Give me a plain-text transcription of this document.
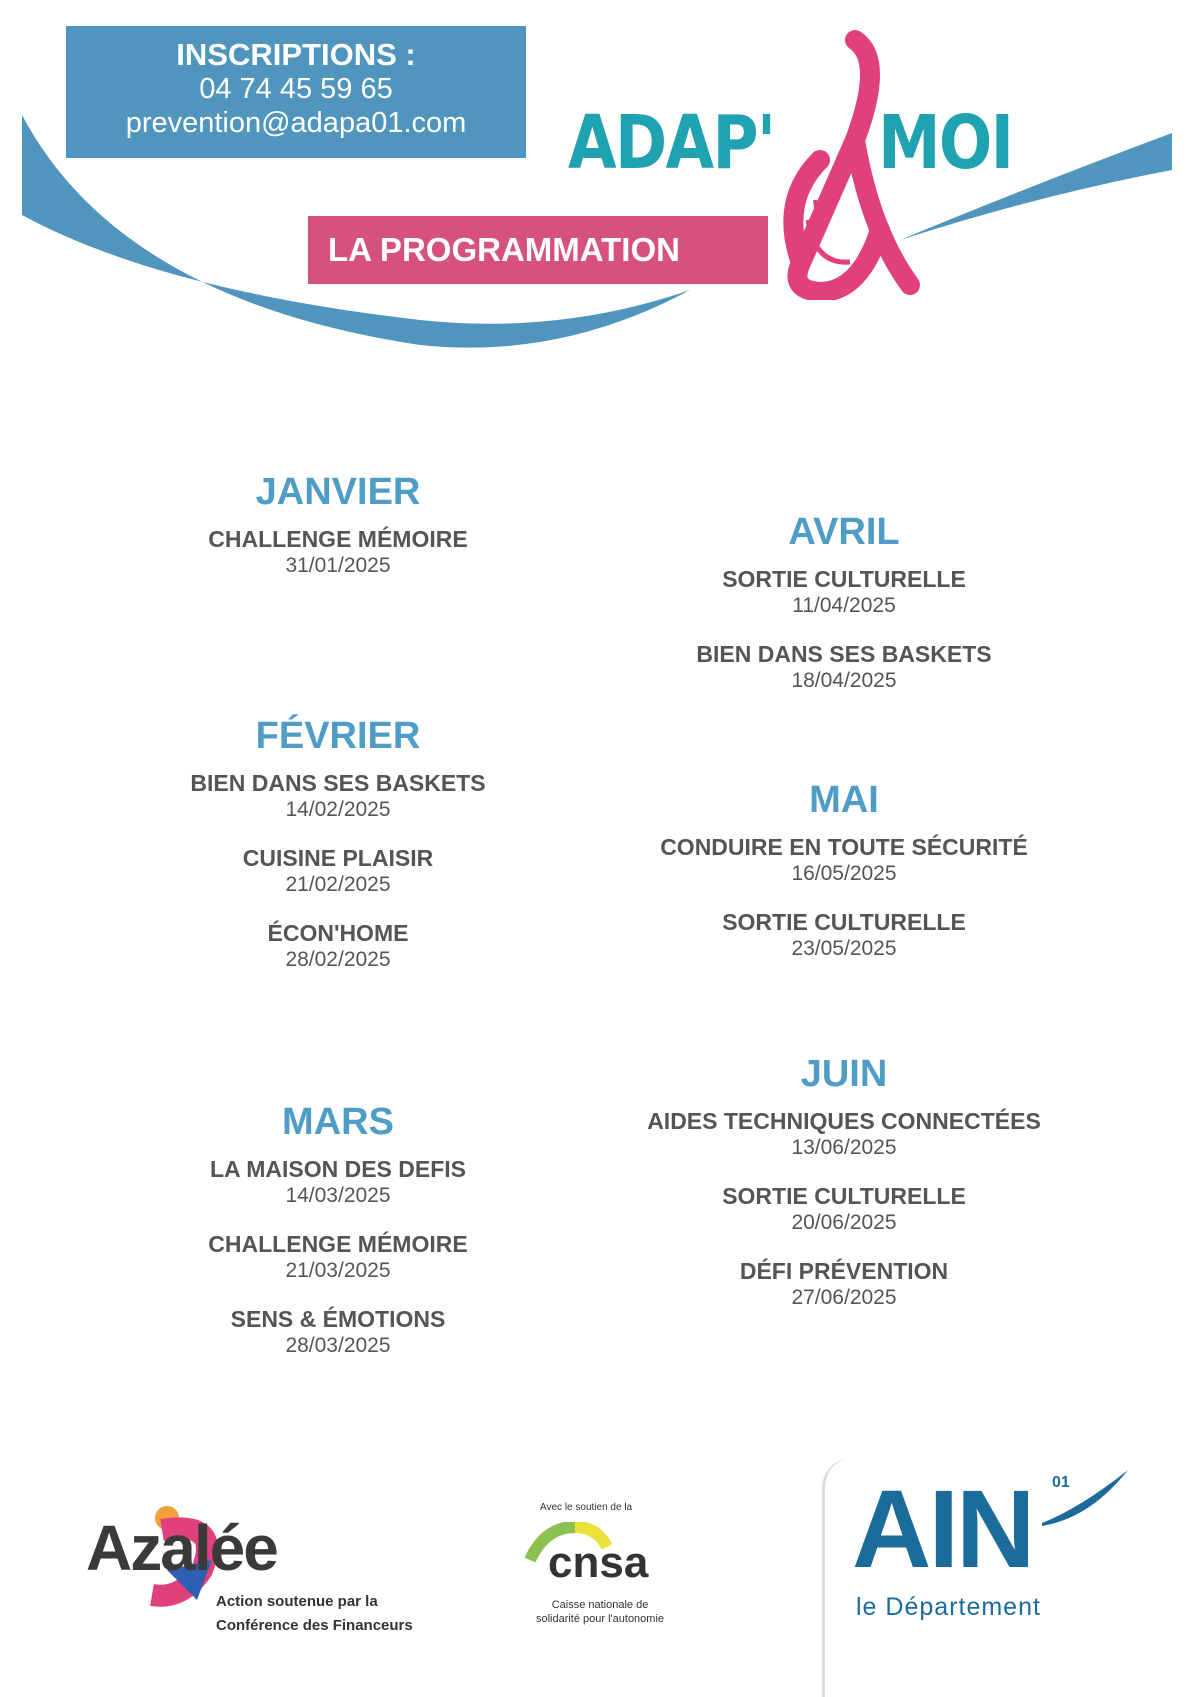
INSCRIPTIONS :
04 74 45 59 65
prevention@adapa01.com
LA PROGRAMMATION
ADAP' MOI
JANVIER
CHALLENGE MÉMOIRE
31/01/2025
FÉVRIER
BIEN DANS SES BASKETS
14/02/2025
CUISINE PLAISIR
21/02/2025
ÉCON'HOME
28/02/2025
MARS
LA MAISON DES DEFIS
14/03/2025
CHALLENGE MÉMOIRE
21/03/2025
SENS & ÉMOTIONS
28/03/2025
AVRIL
SORTIE CULTURELLE
11/04/2025
BIEN DANS SES BASKETS
18/04/2025
MAI
CONDUIRE EN TOUTE SÉCURITÉ
16/05/2025
SORTIE CULTURELLE
23/05/2025
JUIN
AIDES TECHNIQUES CONNECTÉES
13/06/2025
SORTIE CULTURELLE
20/06/2025
DÉFI PRÉVENTION
27/06/2025
Azalée
Action soutenue par la
Conférence des Financeurs
Avec le soutien de la
cnsa
Caisse nationale de
solidarité pour l'autonomie
AIN 01
le Département
